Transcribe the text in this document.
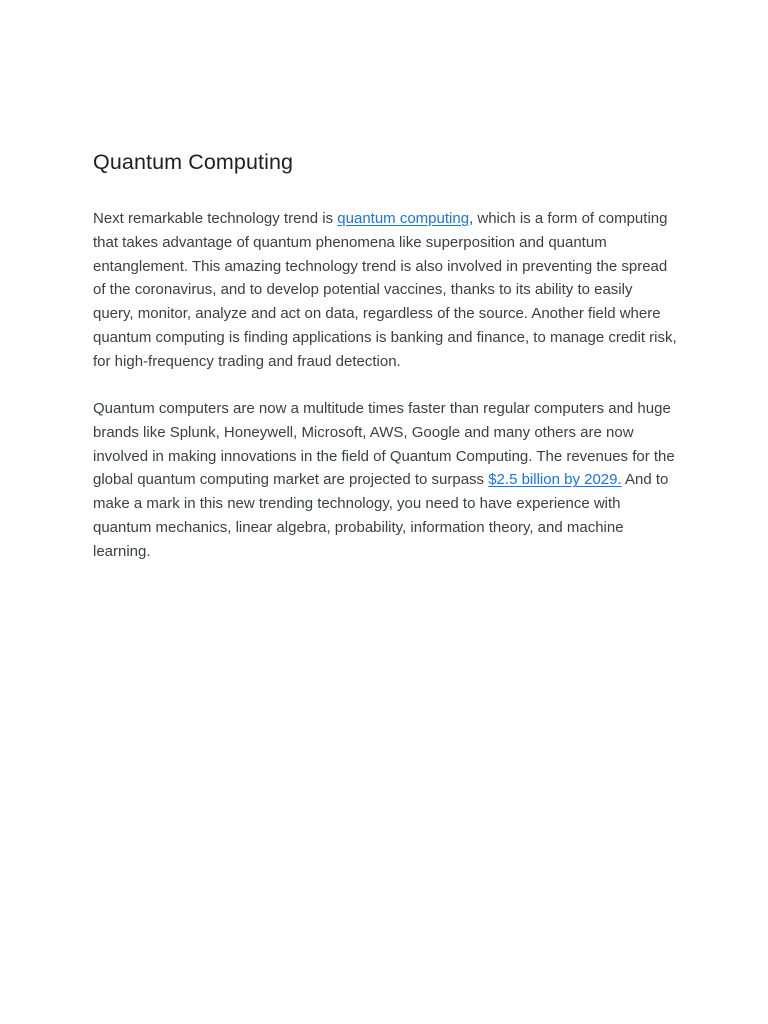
Quantum Computing

Next remarkable technology trend is quantum computing, which is a form of computing that takes advantage of quantum phenomena like superposition and quantum entanglement. This amazing technology trend is also involved in preventing the spread of the coronavirus, and to develop potential vaccines, thanks to its ability to easily query, monitor, analyze and act on data, regardless of the source. Another field where quantum computing is finding applications is banking and finance, to manage credit risk, for high-frequency trading and fraud detection.

Quantum computers are now a multitude times faster than regular computers and huge brands like Splunk, Honeywell, Microsoft, AWS, Google and many others are now involved in making innovations in the field of Quantum Computing. The revenues for the global quantum computing market are projected to surpass $2.5 billion by 2029. And to make a mark in this new trending technology, you need to have experience with quantum mechanics, linear algebra, probability, information theory, and machine learning.
